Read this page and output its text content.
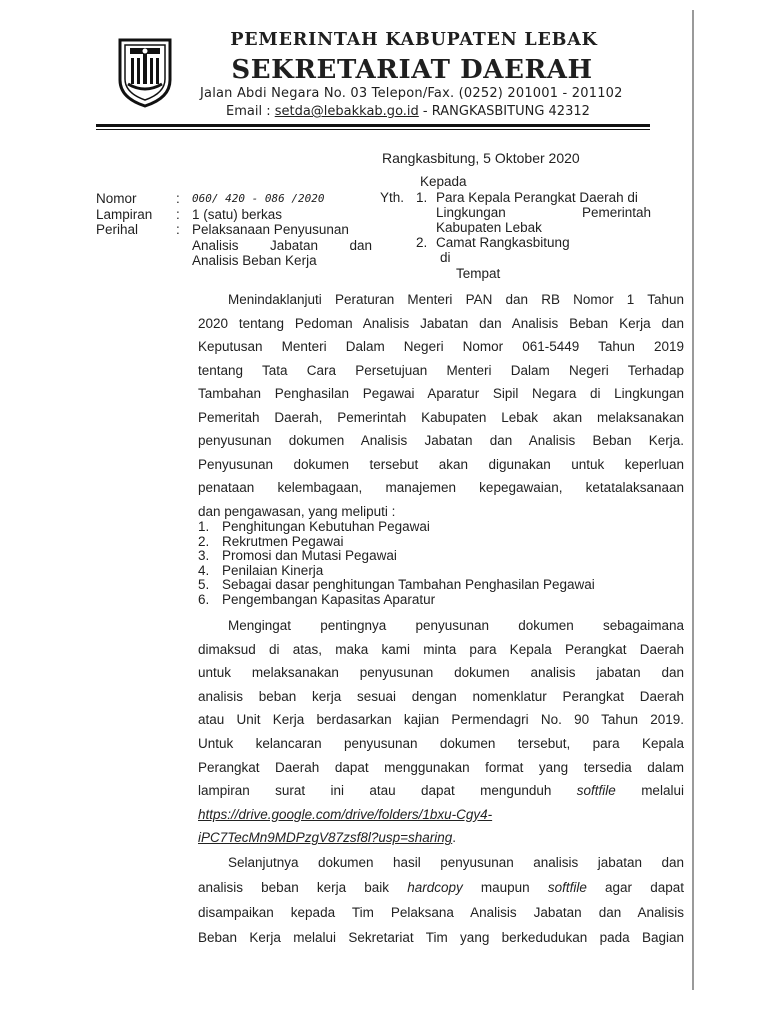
PEMERINTAH KABUPATEN LEBAK
SEKRETARIAT DAERAH
Jalan Abdi Negara No. 03 Telepon/Fax. (0252) 201001 - 201102
Email : setda@lebakkab.go.id - RANGKASBITUNG 42312
Rangkasbitung, 5 Oktober 2020
Nomor	: 060/ 420 - 086 /2020
Lampiran : 1 (satu) berkas
Perihal	: Pelaksanaan Penyusunan
Analisis Jabatan dan
Analisis Beban Kerja
Kepada
Yth. 1. Para Kepala Perangkat Daerah di
Lingkungan	Pemerintah
Kabupaten Lebak
2. Camat Rangkasbitung
di
Tempat
Menindaklanjuti Peraturan Menteri PAN dan RB Nomor 1 Tahun
2020 tentang Pedoman Analisis Jabatan dan Analisis Beban Kerja dan
Keputusan Menteri Dalam Negeri Nomor 061-5449 Tahun 2019
tentang Tata Cara Persetujuan Menteri Dalam Negeri Terhadap
Tambahan Penghasilan Pegawai Aparatur Sipil Negara di Lingkungan
Pemeritah Daerah, Pemerintah Kabupaten Lebak akan melaksanakan
penyusunan dokumen Analisis Jabatan dan Analisis Beban Kerja.
Penyusunan dokumen tersebut akan digunakan untuk keperluan
penataan kelembagaan, manajemen kepegawaian, ketatalaksanaan
dan pengawasan, yang meliputi :
1. Penghitungan Kebutuhan Pegawai
2. Rekrutmen Pegawai
3. Promosi dan Mutasi Pegawai
4. Penilaian Kinerja
5. Sebagai dasar penghitungan Tambahan Penghasilan Pegawai
6. Pengembangan Kapasitas Aparatur
Mengingat pentingnya penyusunan dokumen sebagaimana
dimaksud di atas, maka kami minta para Kepala Perangkat Daerah
untuk melaksanakan penyusunan dokumen analisis jabatan dan
analisis beban kerja sesuai dengan nomenklatur Perangkat Daerah
atau Unit Kerja berdasarkan kajian Permendagri No. 90 Tahun 2019.
Untuk kelancaran penyusunan dokumen tersebut, para Kepala
Perangkat Daerah dapat menggunakan format yang tersedia dalam
lampiran surat ini atau dapat mengunduh softfile melalui
https://drive.google.com/drive/folders/1bxu-Cgy4-
iPC7TecMn9MDPzgV87zsf8l?usp=sharing.
Selanjutnya dokumen hasil penyusunan analisis jabatan dan
analisis beban kerja baik hardcopy maupun softfile agar dapat
disampaikan kepada Tim Pelaksana Analisis Jabatan dan Analisis
Beban Kerja melalui Sekretariat Tim yang berkedudukan pada Bagian
